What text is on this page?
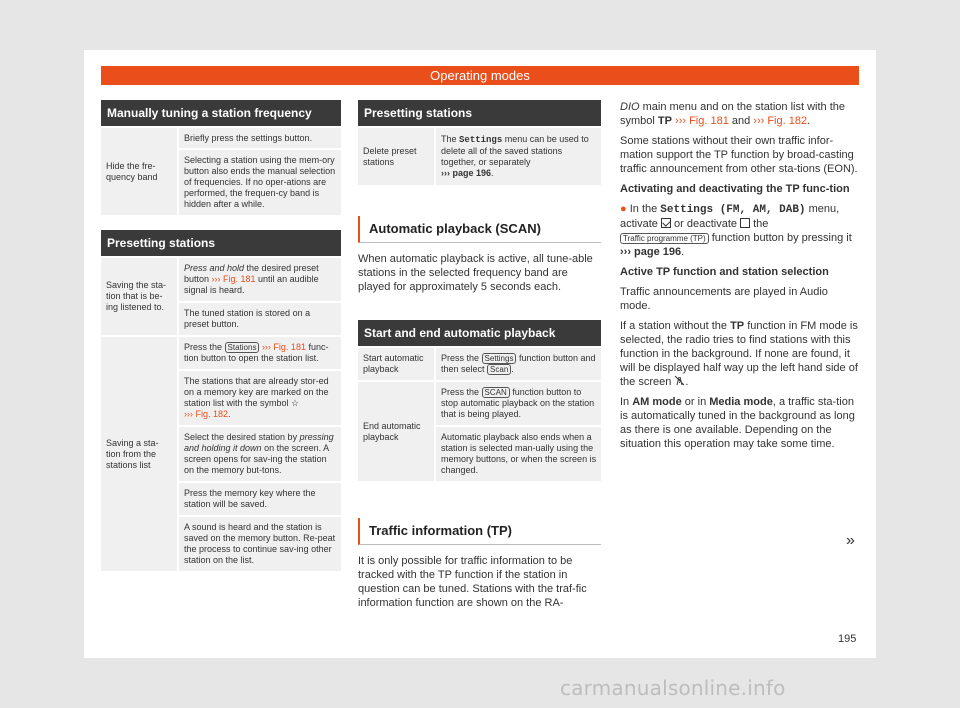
Operating modes
Manually tuning a station frequency
Hide the fre-quency band
Briefly press the settings button.
Selecting a station using the mem-ory button also ends the manual selection of frequencies. If no oper-ations are performed, the frequen-cy band is hidden after a while.
Presetting stations
Saving the sta-tion that is be-ing listened to.
Press and hold the desired preset button ››› Fig. 181 until an audible signal is heard.
The tuned station is stored on a preset button.
Saving a sta-tion from the stations list
Press the Stations ››› Fig. 181 func-tion button to open the station list.
The stations that are already stor-ed on a memory key are marked on the station list with the symbol ☆
››› Fig. 182.
Select the desired station by pressing and holding it down on the screen. A screen opens for sav-ing the station on the memory but-tons.
Press the memory key where the station will be saved.
A sound is heard and the station is saved on the memory button. Re-peat the process to continue sav-ing other station on the list.
Presetting stations
Delete preset stations
The Settings menu can be used to delete all of the saved stations together, or separately
››› page 196.
Automatic playback (SCAN)
When automatic playback is active, all tune-able stations in the selected frequency band are played for approximately 5 seconds each.
Start and end automatic playback
Start automatic playback
Press the Settings function button and then select Scan .
End automatic playback
Press the SCAN function button to stop automatic playback on the station that is being played.
Automatic playback also ends when a station is selected man-ually using the memory buttons, or when the screen is changed.
Traffic information (TP)
It is only possible for traffic information to be tracked with the TP function if the station in question can be tuned. Stations with the traf-fic information function are shown on the RA-

DIO main menu and on the station list with the symbol TP ››› Fig. 181 and ››› Fig. 182.

Some stations without their own traffic infor-mation support the TP function by broad-casting traffic announcement from other sta-tions (EON).

Activating and deactivating the TP func-tion

● In the Settings (FM, AM, DAB) menu, activate  or deactivate  the Traffic programme (TP) function button by pressing it ››› page 196.

Active TP function and station selection

Traffic announcements are played in Audio mode.

If a station without the TP function in FM mode is selected, the radio tries to find stations with this function in the background. If none are found, it will be displayed half way up the left hand side of the screen .

In AM mode or in Media mode, a traffic sta-tion is automatically tuned in the background as long as there is one available. Depending on the situation this operation may take some time.

»
195
carmanualsonline.info
